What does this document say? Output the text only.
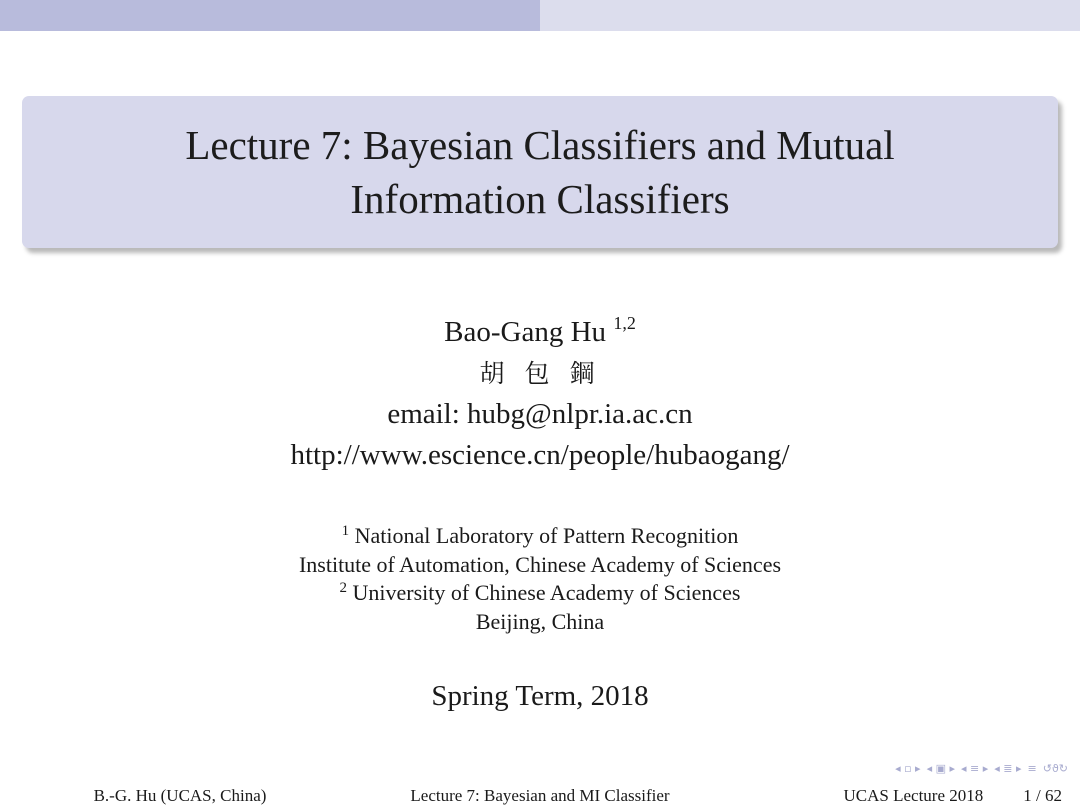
Lecture 7: Bayesian Classifiers and Mutual
Information Classifiers
Bao-Gang Hu $^{1,2}$
胡 包 鋼
email: hubg@nlpr.ia.ac.cn
http://www.escience.cn/people/hubaogang/
$^1$ National Laboratory of Pattern Recognition
Institute of Automation, Chinese Academy of Sciences
$^2$ University of Chinese Academy of Sciences
Beijing, China
Spring Term, 2018
◂ ▫ ▸ ◂ ▣ ▸ ◂ ≡ ▸ ◂ ≣ ▸ ≡ ↺ϑ↻
B.-G. Hu (UCAS, China)	Lecture 7: Bayesian and MI Classifier	UCAS Lecture 2018 1 / 62
